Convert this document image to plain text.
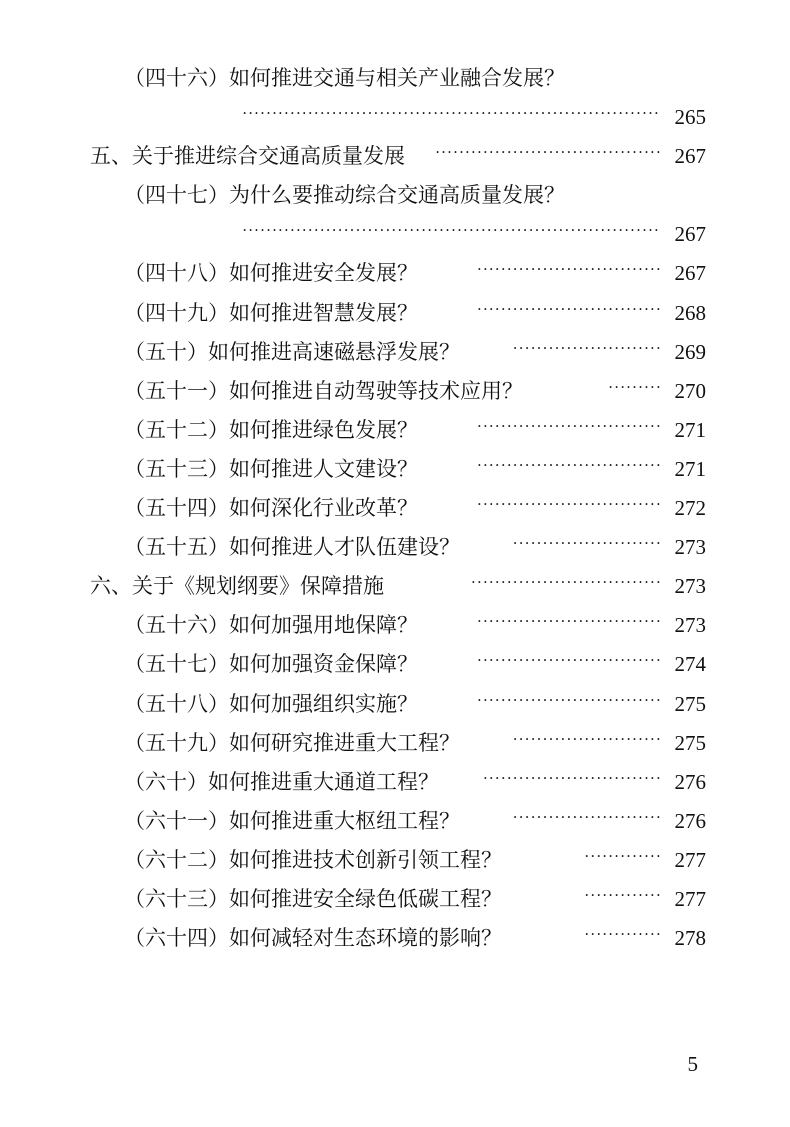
（四十六）如何推进交通与相关产业融合发展？
······································································ 265
五、关于推进综合交通高质量发展 ······································ 267
（四十七）为什么要推动综合交通高质量发展？
······································································ 267
（四十八）如何推进安全发展？	······························· 267
（四十九）如何推进智慧发展？	······························· 268
（五十）如何推进高速磁悬浮发展？	························· 269
（五十一）如何推进自动驾驶等技术应用？	········· 270
（五十二）如何推进绿色发展？	······························· 271
（五十三）如何推进人文建设？	······························· 271
（五十四）如何深化行业改革？	······························· 272
（五十五）如何推进人才队伍建设？	························· 273
六、关于《规划纲要》保障措施	································ 273
（五十六）如何加强用地保障？	······························· 273
（五十七）如何加强资金保障？	······························· 274
（五十八）如何加强组织实施？	······························· 275
（五十九）如何研究推进重大工程？	························· 275
（六十）如何推进重大通道工程？	······························ 276
（六十一）如何推进重大枢纽工程？	························· 276
（六十二）如何推进技术创新引领工程？	············· 277
（六十三）如何推进安全绿色低碳工程？	············· 277
（六十四）如何减轻对生态环境的影响？	············· 278
5
